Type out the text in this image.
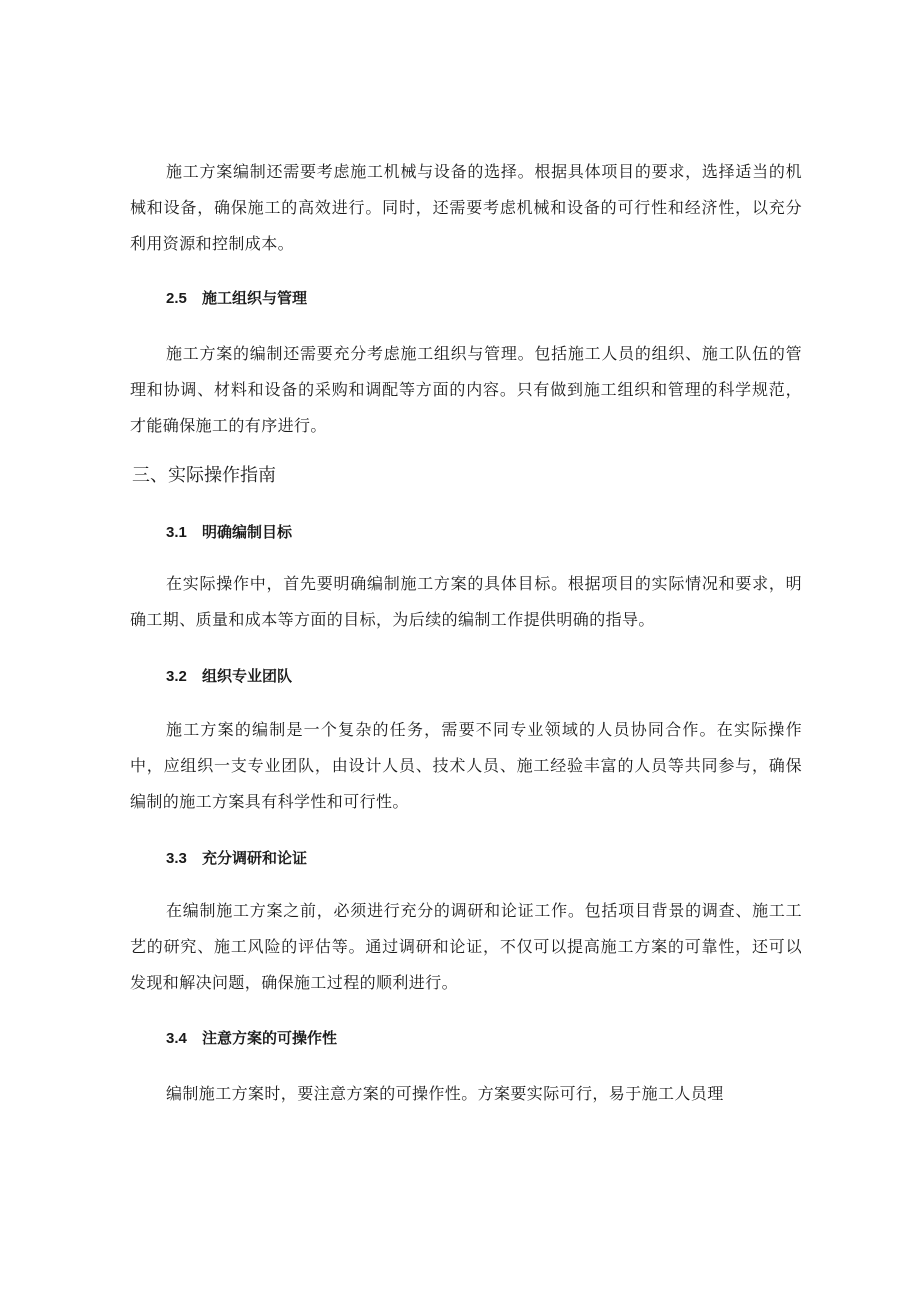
施工方案编制还需要考虑施工机械与设备的选择。根据具体项目的要求，选择适当的机械和设备，确保施工的高效进行。同时，还需要考虑机械和设备的可行性和经济性，以充分利用资源和控制成本。

2.5 施工组织与管理

施工方案的编制还需要充分考虑施工组织与管理。包括施工人员的组织、施工队伍的管理和协调、材料和设备的采购和调配等方面的内容。只有做到施工组织和管理的科学规范，才能确保施工的有序进行。

三、实际操作指南
3.1 明确编制目标

在实际操作中，首先要明确编制施工方案的具体目标。根据项目的实际情况和要求，明确工期、质量和成本等方面的目标，为后续的编制工作提供明确的指导。

3.2 组织专业团队

施工方案的编制是一个复杂的任务，需要不同专业领域的人员协同合作。在实际操作中，应组织一支专业团队，由设计人员、技术人员、施工经验丰富的人员等共同参与，确保编制的施工方案具有科学性和可行性。

3.3 充分调研和论证

在编制施工方案之前，必须进行充分的调研和论证工作。包括项目背景的调查、施工工艺的研究、施工风险的评估等。通过调研和论证，不仅可以提高施工方案的可靠性，还可以发现和解决问题，确保施工过程的顺利进行。

3.4 注意方案的可操作性

编制施工方案时，要注意方案的可操作性。方案要实际可行，易于施工人员理
